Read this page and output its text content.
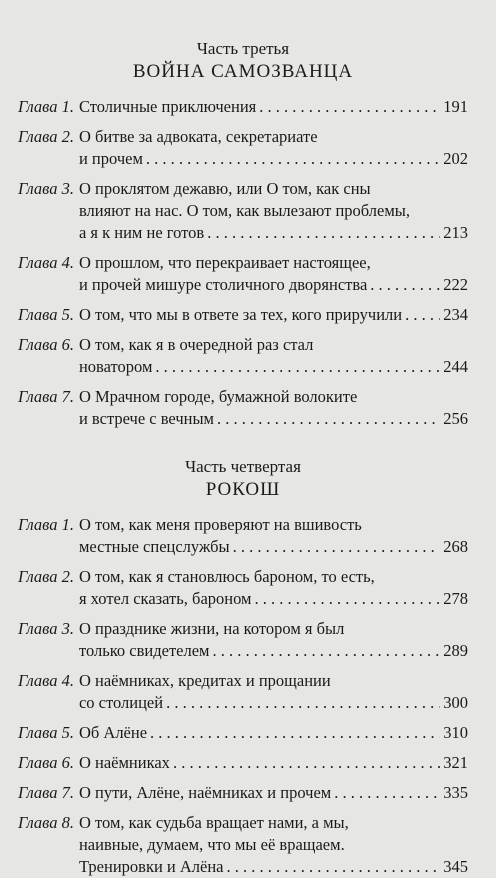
Часть третья
ВОЙНА САМОЗВАНЦА
Глава 1. Столичные приключения . . .	191
Глава 2. О битве за адвоката, секретариате
и прочем . . .	202
Глава 3. О проклятом дежавю, или О том, как сны
влияют на нас. О том, как вылезают проблемы,
а я к ним не готов . . .	213
Глава 4. О прошлом, что перекраивает настоящее,
и прочей мишуре столичного дворянства . . .	222
Глава 5. О том, что мы в ответе за тех, кого приручили . . . 234
Глава 6. О том, как я в очередной раз стал
новатором . . .	244
Глава 7. О Мрачном городе, бумажной волоките
и встрече с вечным . . .	256
Часть четвертая
РОКОШ
Глава 1. О том, как меня проверяют на вшивость
местные спецслужбы . . .	268
Глава 2. О том, как я становлюсь бароном, то есть,
я хотел сказать, бароном . . .	278
Глава 3. О празднике жизни, на котором я был
только свидетелем . . .	289
Глава 4. О наёмниках, кредитах и прощании
со столицей . . .	300
Глава 5. Об Алёне . . .	310
Глава 6. О наёмниках . . .	321
Глава 7. О пути, Алёне, наёмниках и прочем . . .	335
Глава 8. О том, как судьба вращает нами, а мы,
наивные, думаем, что мы её вращаем.
Тренировки и Алёна . . .	345
